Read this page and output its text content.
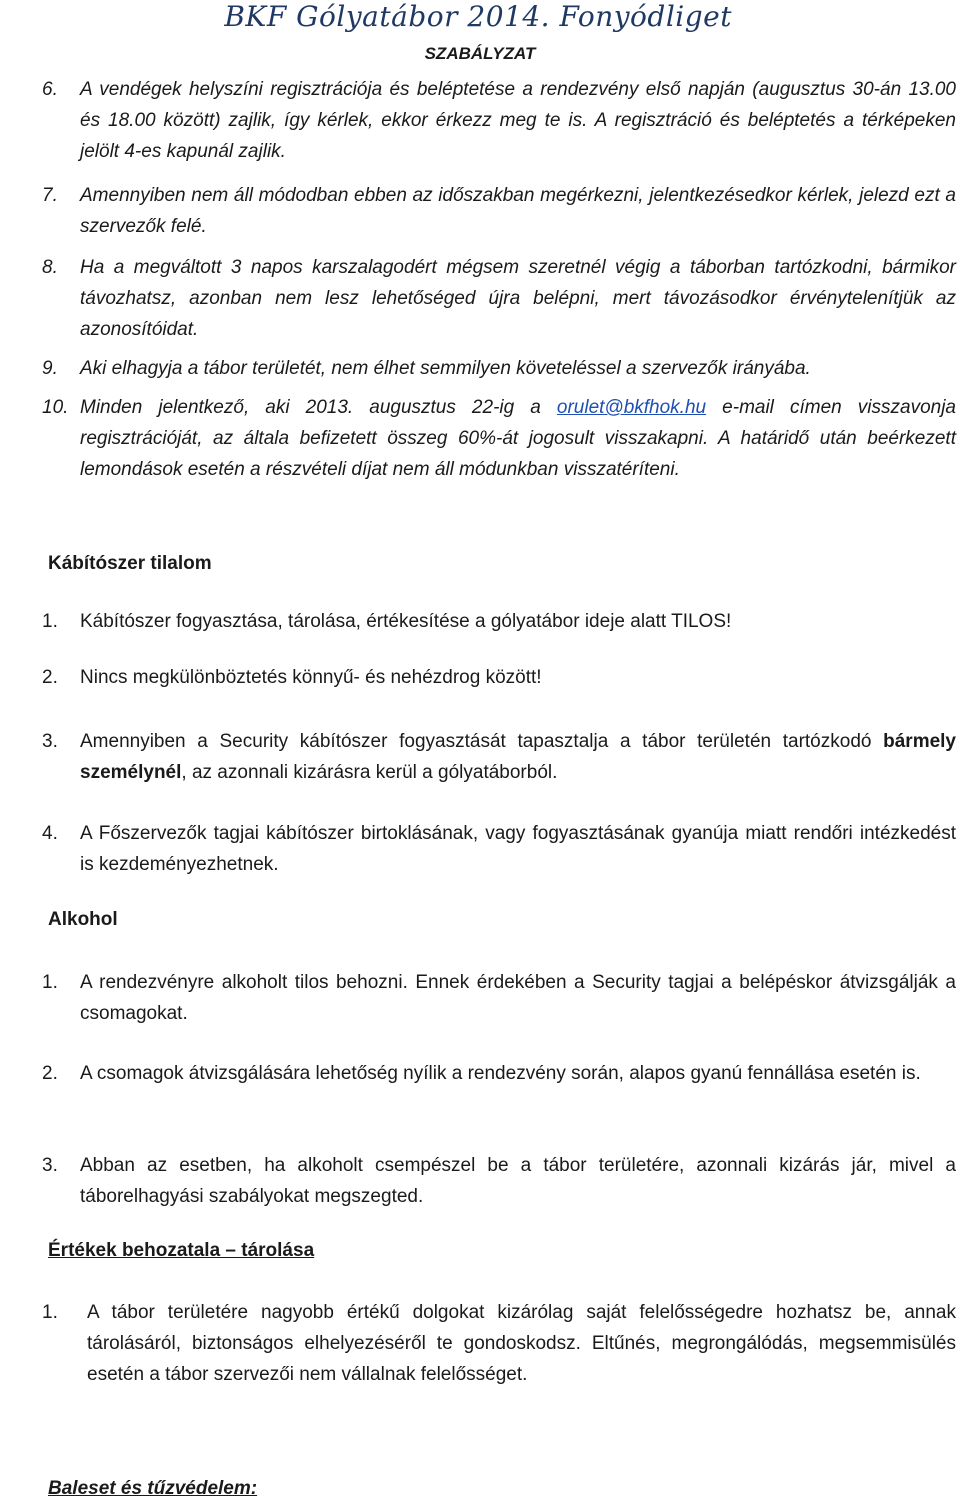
BKF Gólyatábor 2014. Fonyódliget
SZABÁLYZAT
6.	A vendégek helyszíni regisztrációja és beléptetése a rendezvény első napján (augusztus 30-án 13.00 és 18.00 között) zajlik, így kérlek, ekkor érkezz meg te is. A regisztráció és beléptetés a térképeken jelölt 4-es kapunál zajlik.
7.	Amennyiben nem áll módodban ebben az időszakban megérkezni, jelentkezésedkor kérlek, jelezd ezt a szervezők felé.
8.	Ha a megváltott 3 napos karszalagodért mégsem szeretnél végig a táborban tartózkodni, bármikor távozhatsz, azonban nem lesz lehetőséged újra belépni, mert távozásodkor érvénytelenítjük az azonosítóidat.
9.	Aki elhagyja a tábor területét, nem élhet semmilyen követeléssel a szervezők irányába.
10. Minden jelentkező, aki 2013. augusztus 22-ig a orulet@bkfhok.hu e-mail címen visszavonja regisztrációját, az általa befizetett összeg 60%-át jogosult visszakapni. A határidő után beérkezett lemondások esetén a részvételi díjat nem áll módunkban visszatéríteni.
Kábítószer tilalom
1.	Kábítószer fogyasztása, tárolása, értékesítése a gólyatábor ideje alatt TILOS!
2.	Nincs megkülönböztetés könnyű- és nehézdrog között!
3.	Amennyiben a Security kábítószer fogyasztását tapasztalja a tábor területén tartózkodó bármely személynél, az azonnali kizárásra kerül a gólyatáborból.
4.	A Főszervezők tagjai kábítószer birtoklásának, vagy fogyasztásának gyanúja miatt rendőri intézkedést is kezdeményezhetnek.
Alkohol
1.	A rendezvényre alkoholt tilos behozni. Ennek érdekében a Security tagjai a belépéskor átvizsgálják a csomagokat.
2.	A csomagok átvizsgálására lehetőség nyílik a rendezvény során, alapos gyanú fennállása esetén is.
3.	Abban az esetben, ha alkoholt csempészel be a tábor területére, azonnali kizárás jár, mivel a táborelhagyási szabályokat megszegted.
Értékek behozatala – tárolása
1.	A tábor területére nagyobb értékű dolgokat kizárólag saját felelősségedre hozhatsz be, annak tárolásáról, biztonságos elhelyezéséről te gondoskodsz. Eltűnés, megrongálódás, megsemmisülés esetén a tábor szervezői nem vállalnak felelősséget.
Baleset és tűzvédelem:
